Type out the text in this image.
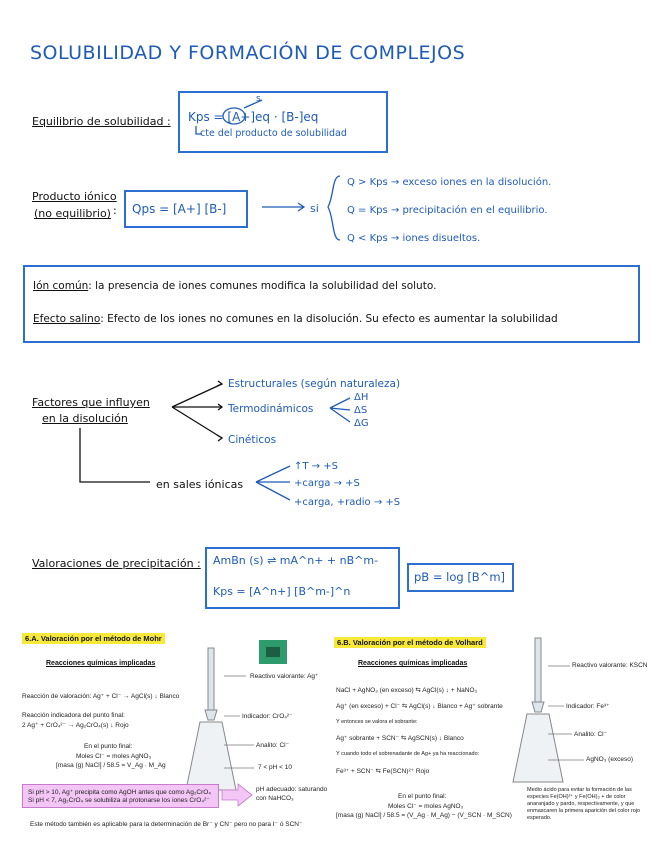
SOLUBILIDAD Y FORMACIÓN DE COMPLEJOS
Equilibrio de solubilidad : Kps = [A+]eq · [B-]eq
s
cte del producto de solubilidad
Producto iónico
(no equilibrio) : Qps = [A+] [B-]	si
Q > Kps → exceso iones en la disolución.
Q = Kps → precipitación en el equilibrio.
Q < Kps → iones disueltos.
Ión común: la presencia de iones comunes modifica la solubilidad del soluto.
Efecto salino: Efecto de los iones no comunes en la disolución. Su efecto es aumentar la solubilidad
Factores que influyen
en la disolución
Estructurales (según naturaleza)
Termodinámicos
Cinéticos
ΔH
ΔS
ΔG
en sales iónicas
↑T → +S
+carga → +S
+carga, +radio → +S
Valoraciones de precipitación : AmBn (s) ⇌ mA^n+ + nB^m-
Kps = [A^n+] [B^m-]^n
pB = log [B^m]
6.A. Valoración por el método de Mohr
Reacciones químicas implicadas
Reacción de valoración: Ag⁺ + Cl⁻ → AgCl(s) ↓ Blanco
Reacción indicadora del punto final:
2 Ag⁺ + CrO₄²⁻ → Ag₂CrO₄(s) ↓ Rojo
En el punto final:
Moles Cl⁻ = moles AgNO₃
[masa (g) NaCl] / 58.5 = V_Ag · M_Ag
Reactivo valorante: Ag⁺
Indicador: CrO₄²⁻
Analito: Cl⁻
7 < pH < 10
Si pH > 10, Ag⁺ precipita como AgOH antes que como Ag₂CrO₄
Si pH < 7, Ag₂CrO₄ se solubiliza al protonarse los iones CrO₄²⁻
pH adecuado: saturando
con NaHCO₃
Este método también es aplicable para la determinación de Br⁻ y CN⁻ pero no para I⁻ ó SCN⁻
6.B. Valoración por el método de Volhard
Reacciones químicas implicadas
NaCl + AgNO₃ (en exceso) ⇆ AgCl(s) ↓ + NaNO₃
Ag⁺ (en exceso) + Cl⁻ ⇆ AgCl(s) ↓ Blanco + Ag⁺ sobrante
Y entonces se valora el sobrante:
Ag⁺ sobrante + SCN⁻ ⇆ AgSCN(s) ↓ Blanco
Y cuando todo el sobrenadante de Ag+ ya ha reaccionado:
Fe³⁺ + SCN⁻ ⇆ Fe(SCN)²⁺ Rojo
En el punto final:
Moles Cl⁻ = moles AgNO₃
[masa (g) NaCl] / 58.5 = (V_Ag · M_Ag) − (V_SCN · M_SCN)
Reactivo valorante: KSCN
Indicador: Fe³⁺
Analito: Cl⁻
AgNO₃ (exceso)
Medio ácido para evitar la formación de las especies Fe(OH)²⁺ y Fe(OH)₃ + de color anaranjado y pardo, respectivamente, y que enmascaren la primera aparición del color rojo esperado.
